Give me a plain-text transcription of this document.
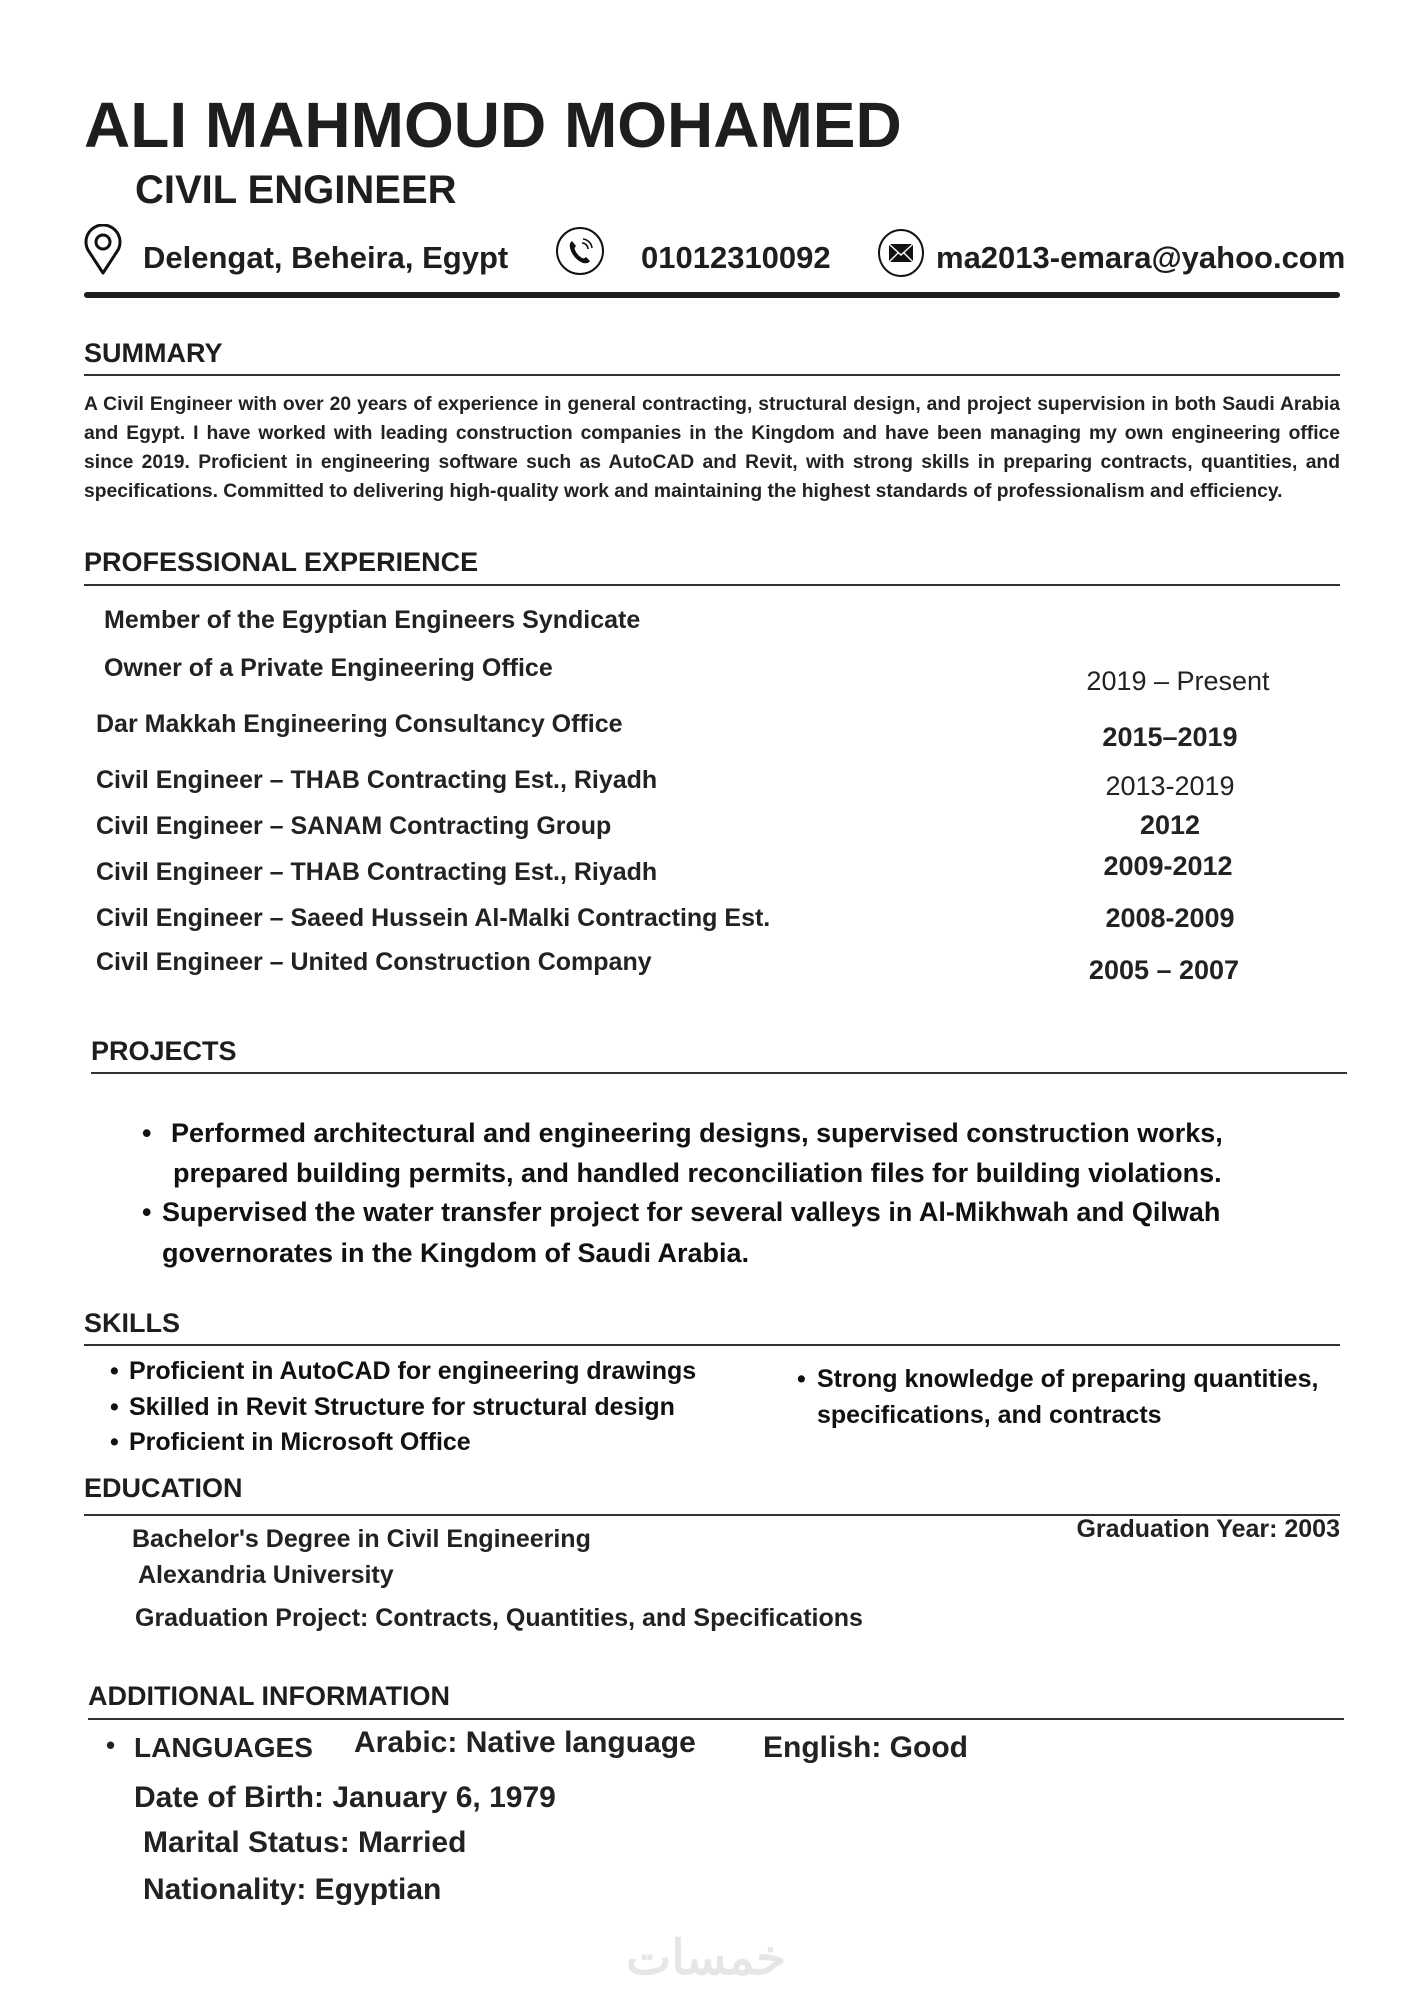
ALI MAHMOUD MOHAMED
CIVIL ENGINEER
Delengat, Beheira, Egypt	01012310092	ma2013-emara@yahoo.com
SUMMARY
A Civil Engineer with over 20 years of experience in general contracting, structural design, and project supervision in both Saudi Arabia and Egypt. I have worked with leading construction companies in the Kingdom and have been managing my own engineering office since 2019. Proficient in engineering software such as AutoCAD and Revit, with strong skills in preparing contracts, quantities, and specifications. Committed to delivering high-quality work and maintaining the highest standards of professionalism and efficiency.
PROFESSIONAL EXPERIENCE
Member of the Egyptian Engineers Syndicate
Owner of a Private Engineering Office
Dar Makkah Engineering Consultancy Office
Civil Engineer – THAB Contracting Est., Riyadh
Civil Engineer – SANAM Contracting Group
Civil Engineer – THAB Contracting Est., Riyadh
Civil Engineer – Saeed Hussein Al-Malki Contracting Est.
Civil Engineer – United Construction Company
2019 – Present
2015–2019
2013-2019
2012
2009-2012
2008-2009
2005 – 2007
PROJECTS
• Performed architectural and engineering designs, supervised construction works,
prepared building permits, and handled reconciliation files for building violations.
• Supervised the water transfer project for several valleys in Al-Mikhwah and Qilwah
governorates in the Kingdom of Saudi Arabia.
SKILLS
• Proficient in AutoCAD for engineering drawings
• Skilled in Revit Structure for structural design
• Proficient in Microsoft Office
• Strong knowledge of preparing quantities,
specifications, and contracts
EDUCATION
Bachelor's Degree in Civil Engineering
Alexandria University
Graduation Project: Contracts, Quantities, and Specifications
Graduation Year: 2003
ADDITIONAL INFORMATION
• LANGUAGES Arabic: Native language English: Good
Date of Birth: January 6, 1979
Marital Status: Married
Nationality: Egyptian
خمسات
